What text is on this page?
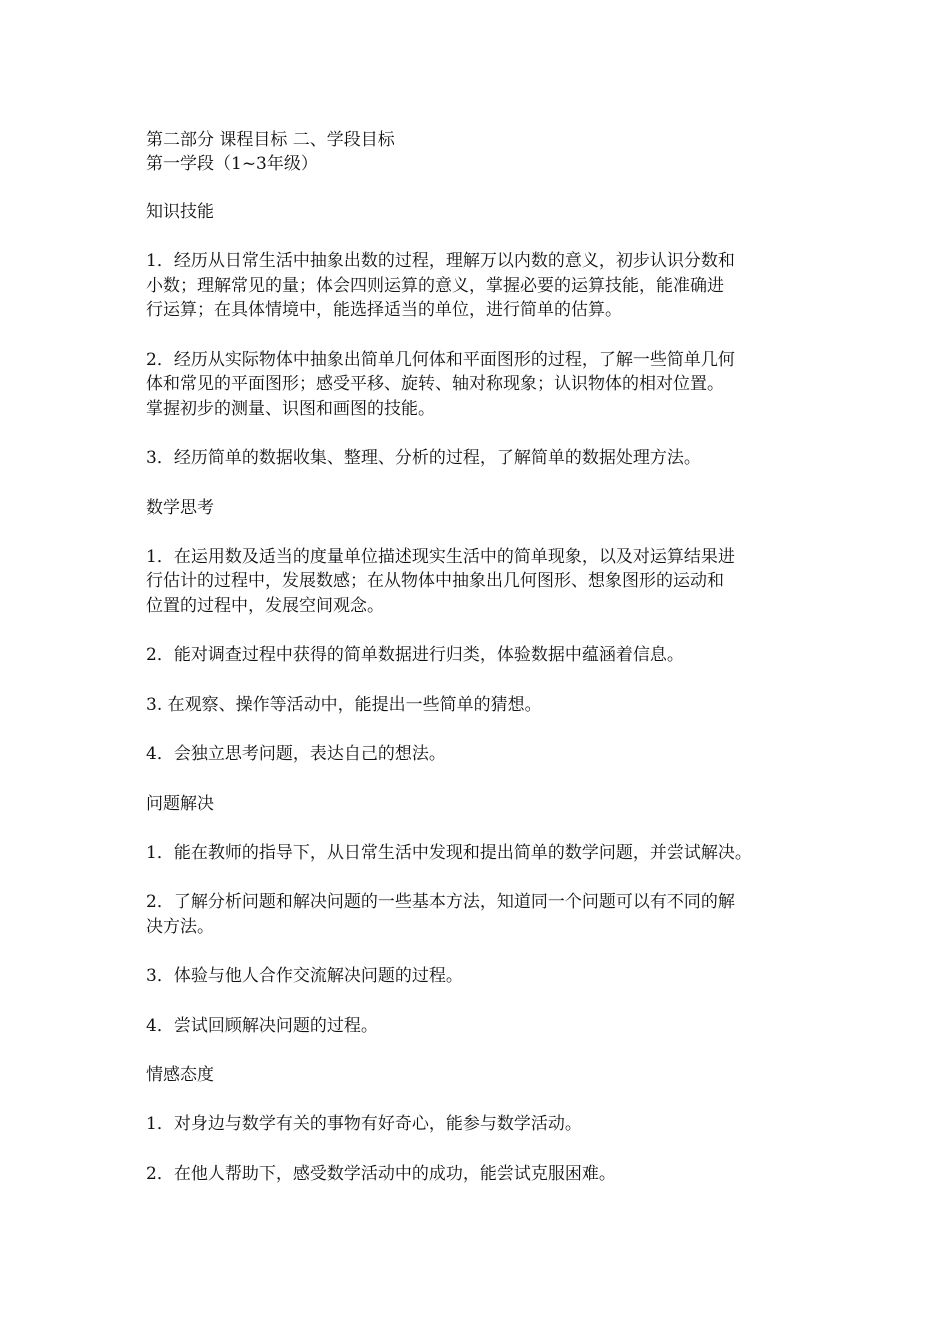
第二部分 课程目标 二、学段目标

第一学段（1~3年级）

知识技能

1．经历从日常生活中抽象出数的过程，理解万以内数的意义，初步认识分数和

小数；理解常见的量；体会四则运算的意义，掌握必要的运算技能，能准确进

行运算；在具体情境中，能选择适当的单位，进行简单的估算。

2．经历从实际物体中抽象出简单几何体和平面图形的过程，了解一些简单几何

体和常见的平面图形；感受平移、旋转、轴对称现象；认识物体的相对位置。

掌握初步的测量、识图和画图的技能。

3．经历简单的数据收集、整理、分析的过程，了解简单的数据处理方法。

数学思考

1．在运用数及适当的度量单位描述现实生活中的简单现象，以及对运算结果进

行估计的过程中，发展数感；在从物体中抽象出几何图形、想象图形的运动和

位置的过程中，发展空间观念。

2．能对调查过程中获得的简单数据进行归类，体验数据中蕴涵着信息。

3. 在观察、操作等活动中，能提出一些简单的猜想。

4．会独立思考问题，表达自己的想法。

问题解决

1．能在教师的指导下，从日常生活中发现和提出简单的数学问题，并尝试解决。

2．了解分析问题和解决问题的一些基本方法，知道同一个问题可以有不同的解

决方法。

3．体验与他人合作交流解决问题的过程。

4．尝试回顾解决问题的过程。

情感态度

1．对身边与数学有关的事物有好奇心，能参与数学活动。

2．在他人帮助下，感受数学活动中的成功，能尝试克服困难。
